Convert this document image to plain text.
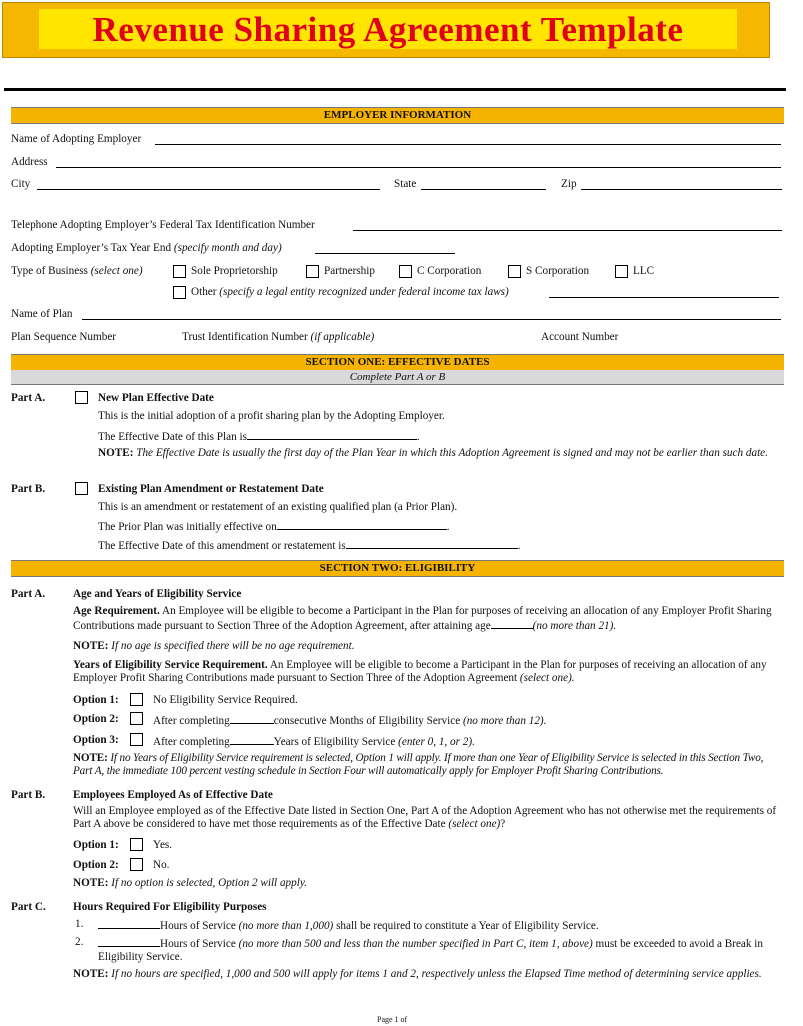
Revenue Sharing Agreement Template
EMPLOYER INFORMATION
Name of Adopting Employer
Address
City	State	Zip
Telephone Adopting Employer’s Federal Tax Identification Number
Adopting Employer’s Tax Year End (specify month and day)
Type of Business (select one)	Sole Proprietorship	Partnership	C Corporation	S Corporation	LLC
Other (specify a legal entity recognized under federal income tax laws)
Name of Plan
Plan Sequence Number	Trust Identification Number (if applicable)	Account Number
SECTION ONE: EFFECTIVE DATES
Complete Part A or B
Part A.	New Plan Effective Date
This is the initial adoption of a profit sharing plan by the Adopting Employer.
The Effective Date of this Plan is	.
NOTE: The Effective Date is usually the first day of the Plan Year in which this Adoption Agreement is signed and may not be earlier than such date.
Part B.	Existing Plan Amendment or Restatement Date
This is an amendment or restatement of an existing qualified plan (a Prior Plan).
The Prior Plan was initially effective on	.
The Effective Date of this amendment or restatement is	.
SECTION TWO: ELIGIBILITY
Part A. Age and Years of Eligibility Service
Age Requirement. An Employee will be eligible to become a Participant in the Plan for purposes of receiving an allocation of any Employer Profit Sharing Contributions made pursuant to Section Three of the Adoption Agreement, after attaining age	(no more than 21).
NOTE: If no age is specified there will be no age requirement.
Years of Eligibility Service Requirement. An Employee will be eligible to become a Participant in the Plan for purposes of receiving an allocation of any Employer Profit Sharing Contributions made pursuant to Section Three of the Adoption Agreement (select one).
Option 1:	No Eligibility Service Required.
Option 2:	After completing	consecutive Months of Eligibility Service (no more than 12).
Option 3:	After completing	Years of Eligibility Service (enter 0, 1, or 2).
NOTE: If no Years of Eligibility Service requirement is selected, Option 1 will apply. If more than one Year of Eligibility Service is selected in this Section Two, Part A, the immediate 100 percent vesting schedule in Section Four will automatically apply for Employer Profit Sharing Contributions.
Part B. Employees Employed As of Effective Date
Will an Employee employed as of the Effective Date listed in Section One, Part A of the Adoption Agreement who has not otherwise met the requirements of Part A above be considered to have met those requirements as of the Effective Date (select one)?
Option 1:	Yes.
Option 2:	No.
NOTE: If no option is selected, Option 2 will apply.
Part C. Hours Required For Eligibility Purposes
1.	Hours of Service (no more than 1,000) shall be required to constitute a Year of Eligibility Service.
2.	Hours of Service (no more than 500 and less than the number specified in Part C, item 1, above) must be exceeded to avoid a Break in Eligibility Service.
NOTE: If no hours are specified, 1,000 and 500 will apply for items 1 and 2, respectively unless the Elapsed Time method of determining service applies.
Page 1 of
